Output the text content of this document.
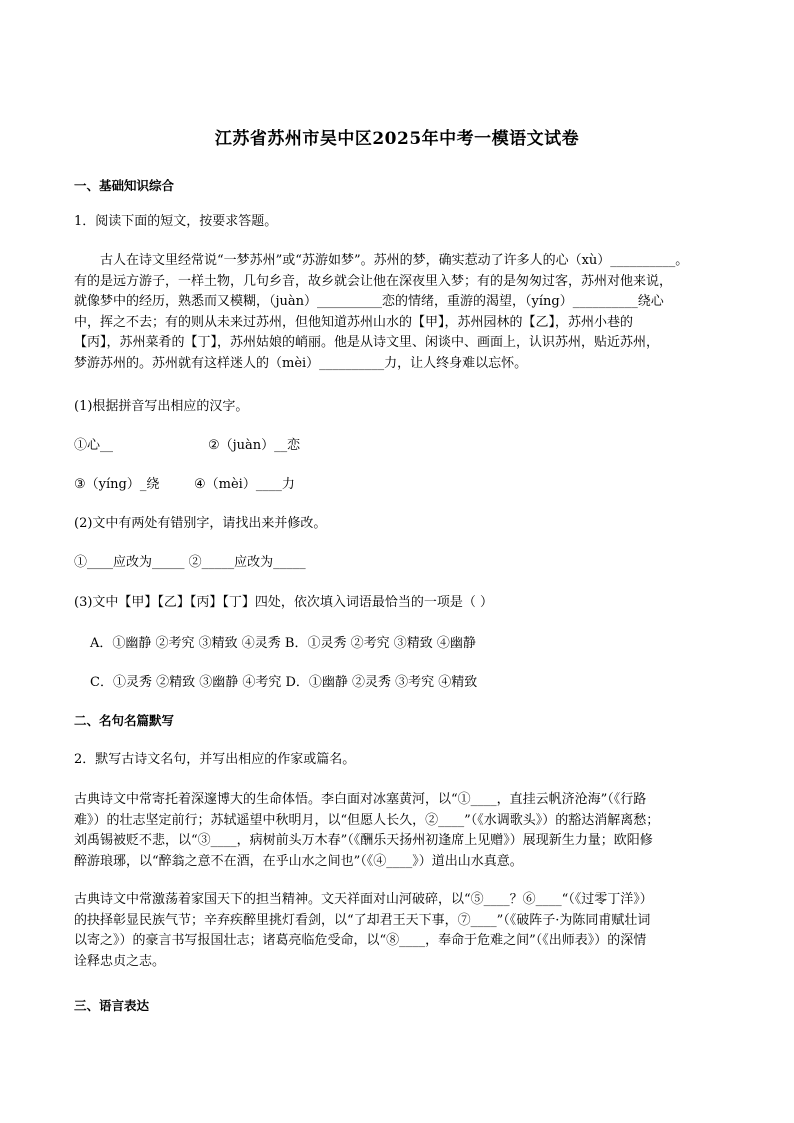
江苏省苏州市吴中区2025年中考一模语文试卷
一、基础知识综合
1．阅读下面的短文，按要求答题。

古人在诗文里经常说“一梦苏州”或“苏游如梦”。苏州的梦，确实惹动了许多人的心（xù）__________。

有的是远方游子，一样土物，几句乡音，故乡就会让他在深夜里入梦；有的是匆匆过客，苏州对他来说，

就像梦中的经历，熟悉而又模糊，（juàn）__________恋的情绪，重游的渴望，（yíng）__________绕心

中，挥之不去；有的则从未来过苏州，但他知道苏州山水的【甲】，苏州园林的【乙】，苏州小巷的

【丙】，苏州菜肴的【丁】，苏州姑娘的峭丽。他是从诗文里、闲谈中、画面上，认识苏州，贴近苏州，

梦游苏州的。苏州就有这样迷人的（mèi）__________力，让人终身难以忘怀。

(1)根据拼音写出相应的汉字。
①心__	②（juàn）__恋
③（yíng）_绕	④（mèi）____力
(2)文中有两处有错别字，请找出来并修改。
①____应改为_____ ②_____应改为_____
(3)文中【甲】【乙】【丙】【丁】四处，依次填入词语最恰当的一项是（ ）
A．①幽静 ②考究 ③精致 ④灵秀 B．①灵秀 ②考究 ③精致 ④幽静
C．①灵秀 ②精致 ③幽静 ④考究 D．①幽静 ②灵秀 ③考究 ④精致
二、名句名篇默写
2．默写古诗文名句，并写出相应的作家或篇名。

古典诗文中常寄托着深邃博大的生命体悟。李白面对冰塞黄河，以“①____，直挂云帆济沧海”（《行路

难》）的壮志坚定前行；苏轼遥望中秋明月，以“但愿人长久，②____”（《水调歌头》）的豁达消解离愁；

刘禹锡被贬不悲，以“③____，病树前头万木春”（《酬乐天扬州初逢席上见赠》）展现新生力量；欧阳修

醉游琅琊，以“醉翁之意不在酒，在乎山水之间也”（《④____》）道出山水真意。

古典诗文中常激荡着家国天下的担当精神。文天祥面对山河破碎，以“⑤____？⑥____“（《过零丁洋》）

的抉择彰显民族气节；辛弃疾醉里挑灯看剑，以“了却君王天下事，⑦____”（《破阵子·为陈同甫赋壮词

以寄之》）的豪言书写报国壮志；诸葛亮临危受命，以“⑧____，奉命于危难之间”（《出师表》）的深情

诠释忠贞之志。

三、语言表达
